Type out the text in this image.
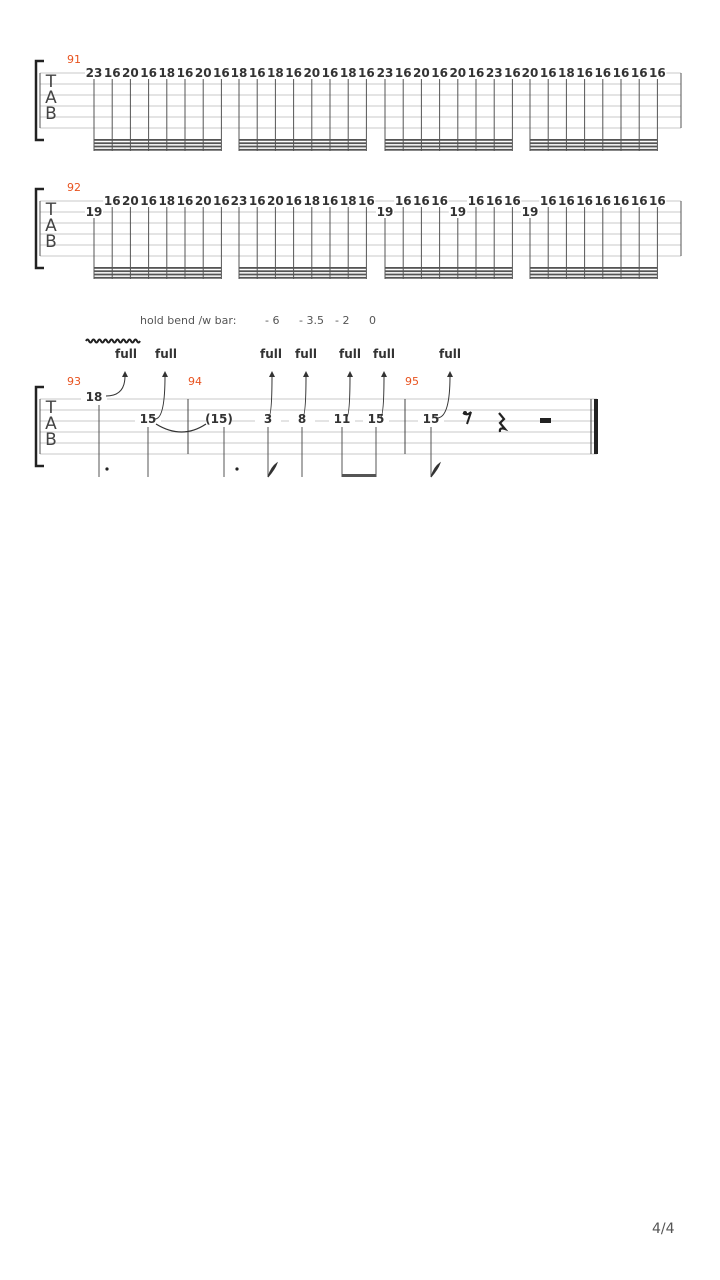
T
A
B
91
23 16 20 16 18 16 20 16 18 16 18 16 20 16 18 16 23 16 20 16 20 16 23 16 20 16 18 16 16 16 16 16
T
A
B
92
19
16 20 16 18 16 20 16 23 16 20 16 18 16 18 16
19
16 16 16
19
16 16 16
19
16 16 16 16 16 16 16
T
A
B
93	94	95
hold bend /w bar:	- 6 - 3.5 - 2 0
18
15	(15)	3 8 11 15	15
full full	full full full full	full
4/4
